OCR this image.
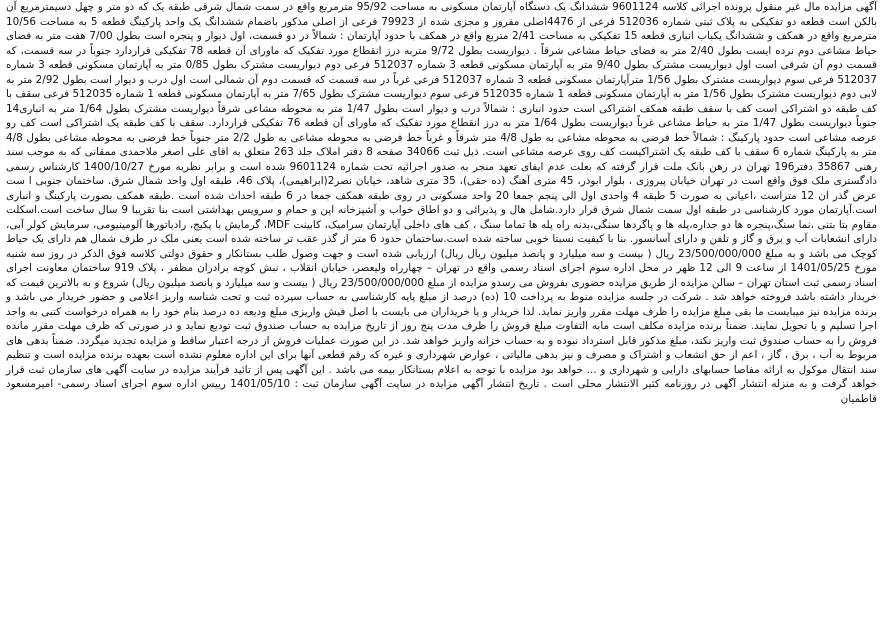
آگهی مزایده مال غیر منقول پرونده اجرائی کلاسه 9601124 ششدانگ یک دستگاه آپارتمان مسکونی به مساحت 95/92 مترمربع واقع در سمت شمال شرقی طبقه یک که دو متر و چهل دسیمترمربع آن بالکن است قطعه دو تفکیکی به پلاک ثبتی شماره 512036 فرعی از 4476اصلی مفروز و مجزی شده از 79923 فرعی از اصلی مذکور باضمام ششدانگ یک واحد پارکینگ قطعه 5 به مساحت 10/56 مترمربع واقع در همکف و ششدانگ یکباب انباری قطعه 15 تفکیکی به مساحت 2/41 متربع واقع در همکف با حدود آپارتمان : شمالاً در دو قسمت، اول دیوار و پنجره است بطول 7/00 هفت متر به فضای حیاط مشاعی دوم نرده ایست بطول 2/40 متر به فضای حیاط مشاعی شرقاً . دیواریست بطول 9/72 متربه درز انقطاع مورد تفکیک که ماورای آن قطعه 78 تفکیکی قراردارد جنوباً در سه قسمت، که قسمت دوم آن شرقی است اول دیواریست مشترک بطول 9/40 متر به آپارتمان مسکونی قطعه 3 شماره 512037 فرعی دوم دیواریست مشترک بطول 0/85 متر به آپارتمان مسکونی قطعه 3 شماره 512037 فرعی سوم دیواریست مشترک بطول 1/56 مترآپارتمان مسکونی قطعه 3 شماره 512037 فرعی غرباً در سه قسمت که قسمت دوم آن شمالی است اول درب و دیوار است بطول 2/92 متر به لابی دوم دیواریست مشترک بطول 1/56 متر به آپارتمان مسکونی قطعه 1 شماره 512035 فرعی سوم دیواریست مشترک بطول 7/65 متر به آپارتمان مسکونی قطعه 1 شماره 512035 فرعی سقف با کف طبقه دو اشتراکی است کف با سقف طبقه همکف اشتراکی است حدود انباری : شمالاً درب و دیوار است بطول 1/47 متر به محوطه مشاعی شرقاً دیواریست مشترک بطول 1/64 متر به انباری14 جنوباً دیواریست بطول 1/47 متر به حیاط مشاعی غرباً دیواریست بطول 1/64 متر به درز انقطاع مورد تفکیک که ماورای آن قطعه 76 تفکیکی قراردارد. سقف با کف طبقه یک اشتراکی است کف رو عرصه مشاعی است حدود پارکینگ : شمالاً خط فرضی به محوطه مشاعی به طول 4/8 متر شرقاً و غرباً خط فرضی به محوطه مشاعی به طول 2/2 متر جنوباً خط فرضی به محوطه مشاعی بطول 4/8 متر به پارکینگ شماره 6 سقف با کف طبقه یک اشتراکیست کف روی عرصه مشاعی است. ذیل ثبت 34066 صفحه 8 دفتر املاک جلد 263 متعلق به اقای علی اصغر ملاحمدی ممقانی که به موجب سند رهنی 35867 دفتر196 تهران در رهن بانک ملت قرار گرفته که بعلت عدم ایفای تعهد منجر به صدور اجرائیه تحت شماره 9601124 شده است و برابر نظریه مورخ 1400/10/27 کارشناس رسمی دادگستری ملک فوق واقع است در تهران خیابان پیروزی ، بلوار ابوذر، 45 متری آهنگ (ده حقی)، 35 متری شاهد، خیابان نصر2(ابراهیمی)، پلاک 46، طبقه اول واحد شمال شرق. ساختمان جنوبی ا ست عرض گذر ان 12 متراست ،اعیانی به صورت 5 طبقه 4 واحدی اول الی پنجم جمعا 20 واحد مسکونی در روی طبقه همکف جمعا در 6 طبقه احداث شده است .طبقه همکف بصورت پارکینگ و انباری است.آپارتمان مورد کارشناسی در طبقه اول سمت شمال شرق قرار دارد.شامل هال و پذیرائی و دو اطاق خواب و آشپزخانه اپن و حمام و سرویس بهداشتی است بنا تقریبا 9 سال ساخت است.اسکلت مقاوم بتا بتنی ،نما سنگ،پنجره ها دو جداره،پله ها و پاگردها سنگی،بدنه راه پله ها تماما سنگ ، کف های داخلی آپارتمان سرامیک، کابینت MDF، گرمایش با پکیج، رادیاتورها آلومینیومی، سرمایش کولر آبی، دارای انشعابات آب و برق و گاز و تلفن و دارای آسانسور. بنا با کیفیت نسبتا خوبی ساخته شده است.ساختمان حدود 6 متر از گذر عقب تر ساخته شده است یعنی ملک در طرف شمال هم دارای یک حیاط کوچک می باشد و به مبلغ 23/500/000/000 ریال ( بیست و سه میلیارد و پانصد میلیون ریال ریال) ارزیابی شده است و جهت وصول طلب بستانکار و حقوق دولتی کلاسه فوق الذکر در روز سه شنبه مورخ 1401/05/25 از ساعت 9 الی 12 ظهر در محل اداره سوم اجرای اسناد رسمی واقع در تهران – چهارراه ولیعصر، خیابان انقلاب ، نبش کوچه برادران مظفر ، پلاک 919 ساختمان معاونت اجرای اسناد رسمی ثبت استان تهران – سالن مزایده از طریق مزایده حضوری بفروش می رسدو مزایده از مبلغ 23/500/000/000 ریال ( بیست و سه میلیارد و پانصد میلیون ریال) شروع و به بالاترین قیمت که خریدار داشته باشد فروخته خواهد شد . شرکت در جلسه مزایده منوط به پرداخت 10 (ده) درصد از مبلغ پایه کارشناسی به حساب سپرده ثبت و تحت شناسه واریز اعلامی و حضور خریدار می باشد و برنده مزایده نیز میبایست ما بقی مبلغ مزایده را ظرف مهلت مقرر واریز نماید. لذا خریدار و یا خریداران می بایست با اصل فیش واریزی مبلغ ودیعه ده درصد بنام خود را به همراه درخواست کتبی به واحد اجرا تسلیم و یا تحویل نمایند. ضمناً برنده مزایده مکلف است مابه التفاوت مبلغ فروش را ظرف مدت پنج روز از تاریخ مزایده به حساب صندوق ثبت تودیع نماید و در صورتی که ظرف مهلت مقرر مانده فروش را به حساب صندوق ثبت واریز نکند، مبلغ مذکور قابل استرداد نبوده و به حساب خزانه واریز خواهد شد. در این صورت عملیات فروش از درجه اعتبار ساقط و مزایده تجدید میگردد. ضمناً بدهی های مربوط به آب ، برق ، گاز ، اعم از حق انشعاب و اشتراک و مصرف و نیز بدهی مالیاتی ، عوارض شهرداری و غیره که رقم قطعی آنها برای این اداره معلوم نشده است بعهده برنده مزایده است و تنظیم سند انتقال موکول به ارائه مفاصا حسابهای دارایی و شهرداری و ... خواهد بود مزایده با توجه به اعلام بستانکار بیمه می باشد . این آگهی پس از تائید فرآیند مزایده در سایت آگهی های سازمان ثبت قرار خواهد گرفت و به منزله انتشار آگهی در روزنامه کثیر الانتشار محلی است . تاریخ انتشار آگهی مزایده در سایت آگهی سازمان ثبت : 1401/05/10 رییس اداره سوم اجرای اسناد رسمی- امیرمسعود قاطمیان
